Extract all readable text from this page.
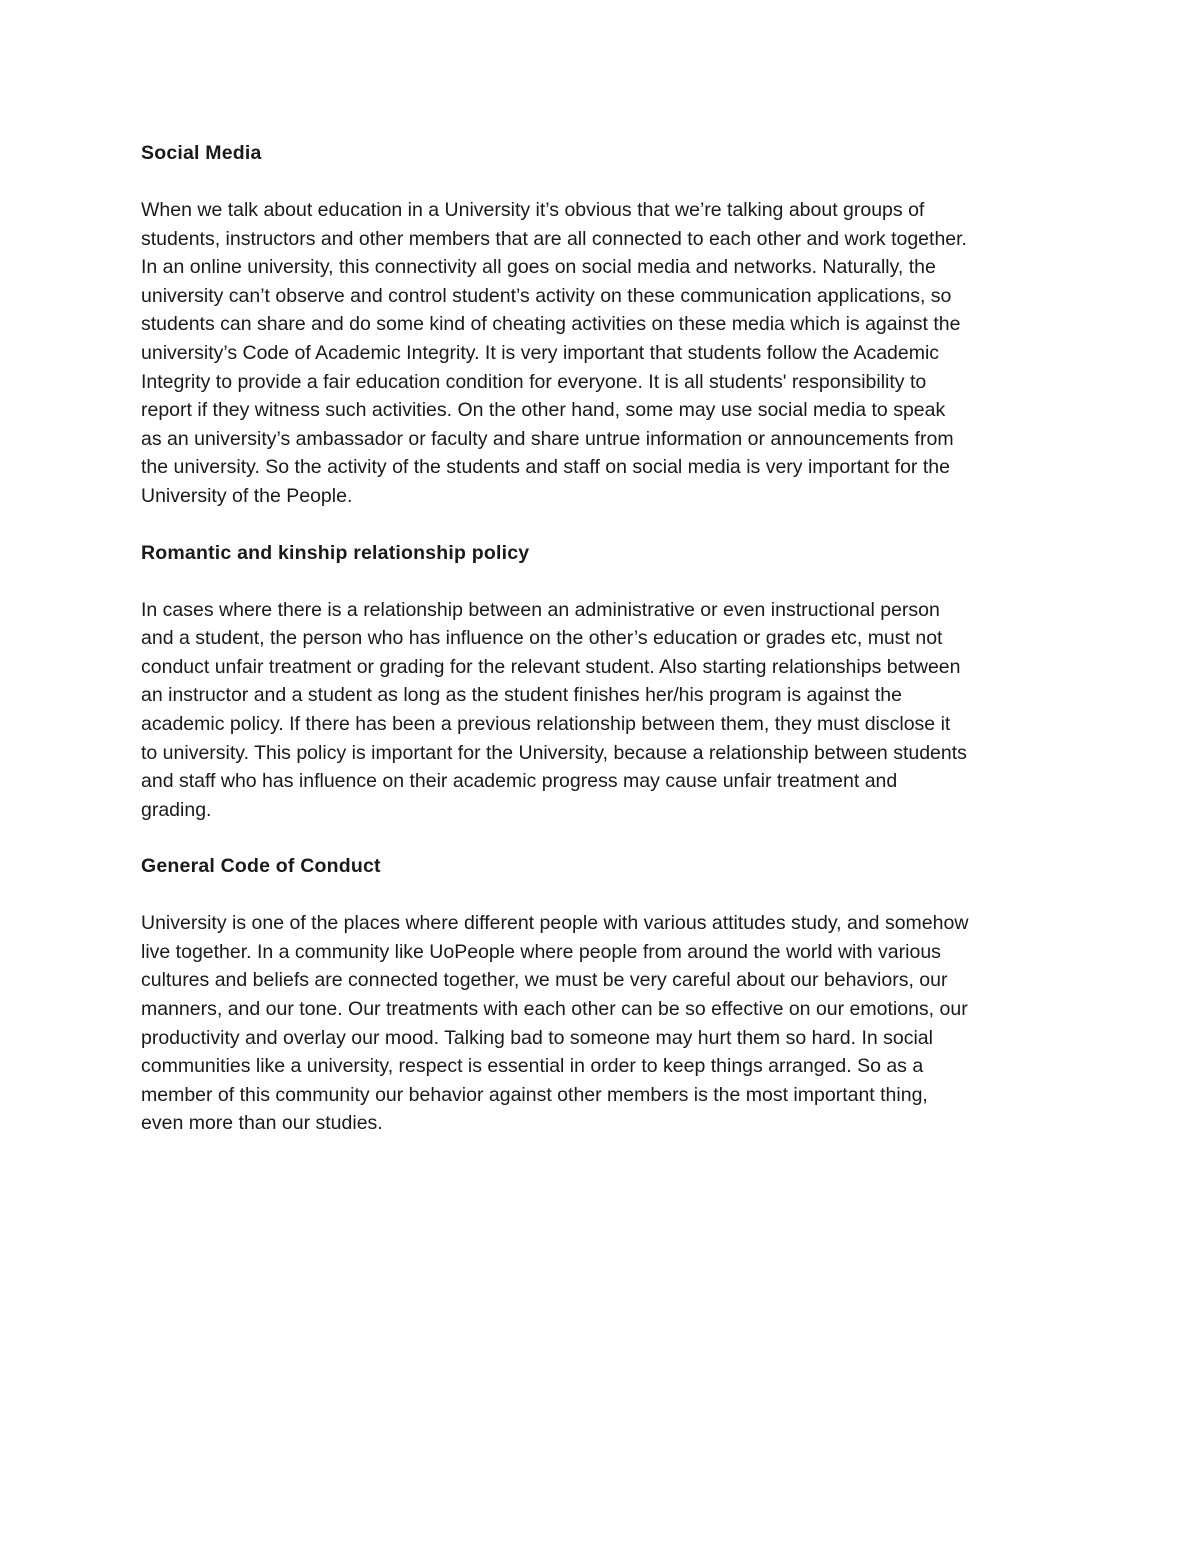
Social Media

When we talk about education in a University it’s obvious that we’re talking about groups of
students, instructors and other members that are all connected to each other and work together.
In an online university, this connectivity all goes on social media and networks. Naturally, the
university can’t observe and control student’s activity on these communication applications, so
students can share and do some kind of cheating activities on these media which is against the
university’s Code of Academic Integrity. It is very important that students follow the Academic
Integrity to provide a fair education condition for everyone. It is all students' responsibility to
report if they witness such activities. On the other hand, some may use social media to speak
as an university’s ambassador or faculty and share untrue information or announcements from
the university. So the activity of the students and staff on social media is very important for the
University of the People.

Romantic and kinship relationship policy

In cases where there is a relationship between an administrative or even instructional person
and a student, the person who has influence on the other’s education or grades etc, must not
conduct unfair treatment or grading for the relevant student. Also starting relationships between
an instructor and a student as long as the student finishes her/his program is against the
academic policy. If there has been a previous relationship between them, they must disclose it
to university. This policy is important for the University, because a relationship between students
and staff who has influence on their academic progress may cause unfair treatment and
grading.

General Code of Conduct

University is one of the places where different people with various attitudes study, and somehow
live together. In a community like UoPeople where people from around the world with various
cultures and beliefs are connected together, we must be very careful about our behaviors, our
manners, and our tone. Our treatments with each other can be so effective on our emotions, our
productivity and overlay our mood. Talking bad to someone may hurt them so hard. In social
communities like a university, respect is essential in order to keep things arranged. So as a
member of this community our behavior against other members is the most important thing,
even more than our studies.
